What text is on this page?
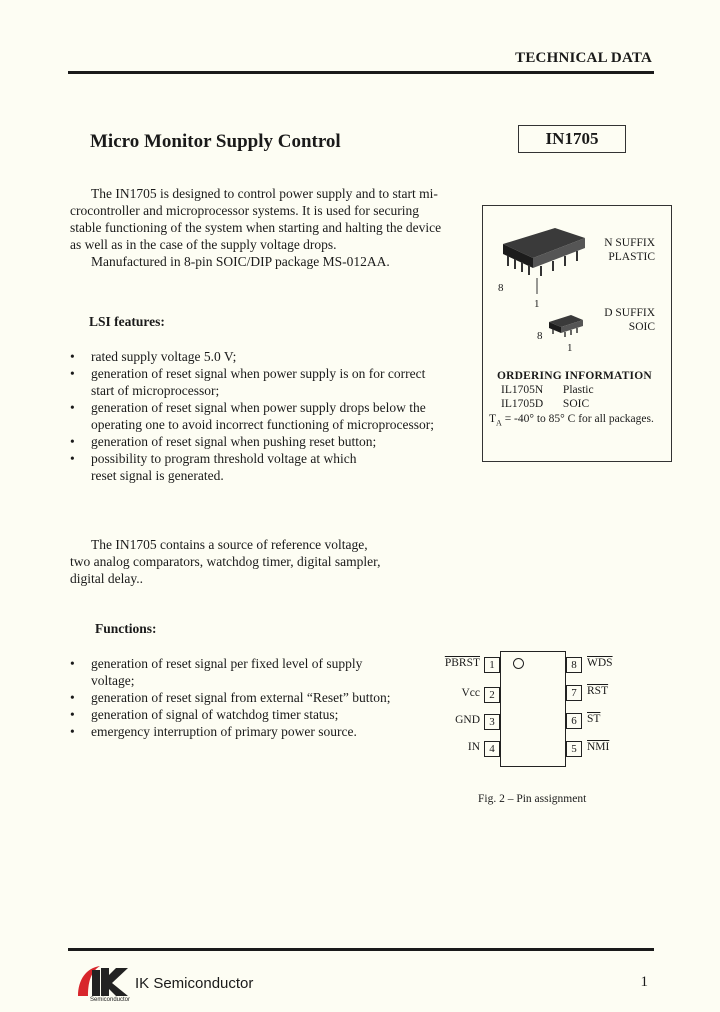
TECHNICAL DATA
Micro Monitor Supply Control	IN1705

The IN1705 is designed to control power supply and to start mi-

crocontroller and microprocessor systems. It is used for securing

stable functioning of the system when starting and halting the device

as well as in the case of the supply voltage drops.

Manufactured in 8-pin SOIC/DIP package MS-012AA.

LSI features:
• rated supply voltage 5.0 V;
• generation of reset signal when power supply is on for correct start of microprocessor;
• generation of reset signal when power supply drops below the operating one to avoid incorrect functioning of microprocessor;
• generation of reset signal when pushing reset button;
• possibility to program threshold voltage at which reset signal is generated.

The IN1705 contains a source of reference voltage,

two analog comparators, watchdog timer, digital sampler,

digital delay..

Functions:
• generation of reset signal per fixed level of supply voltage;
• generation of reset signal from external “Reset” button;
• generation of signal of watchdog timer status;
• emergency interruption of primary power source.
8
1
N SUFFIX
PLASTIC
8
1
D SUFFIX
SOIC
ORDERING INFORMATION
IL1705N Plastic
IL1705D SOIC
$T_A = -40^\circ$ to 85° C for all packages.
PBRST 1
Vcc 2
GND 3
IN 4
8 $\overline{WDS}$
7 $\overline{RST}$
6 $\overline{ST}$
5 $\overline{NMI}$
Fig. 2 – Pin assignment
Semiconductor
IK Semiconductor	1
